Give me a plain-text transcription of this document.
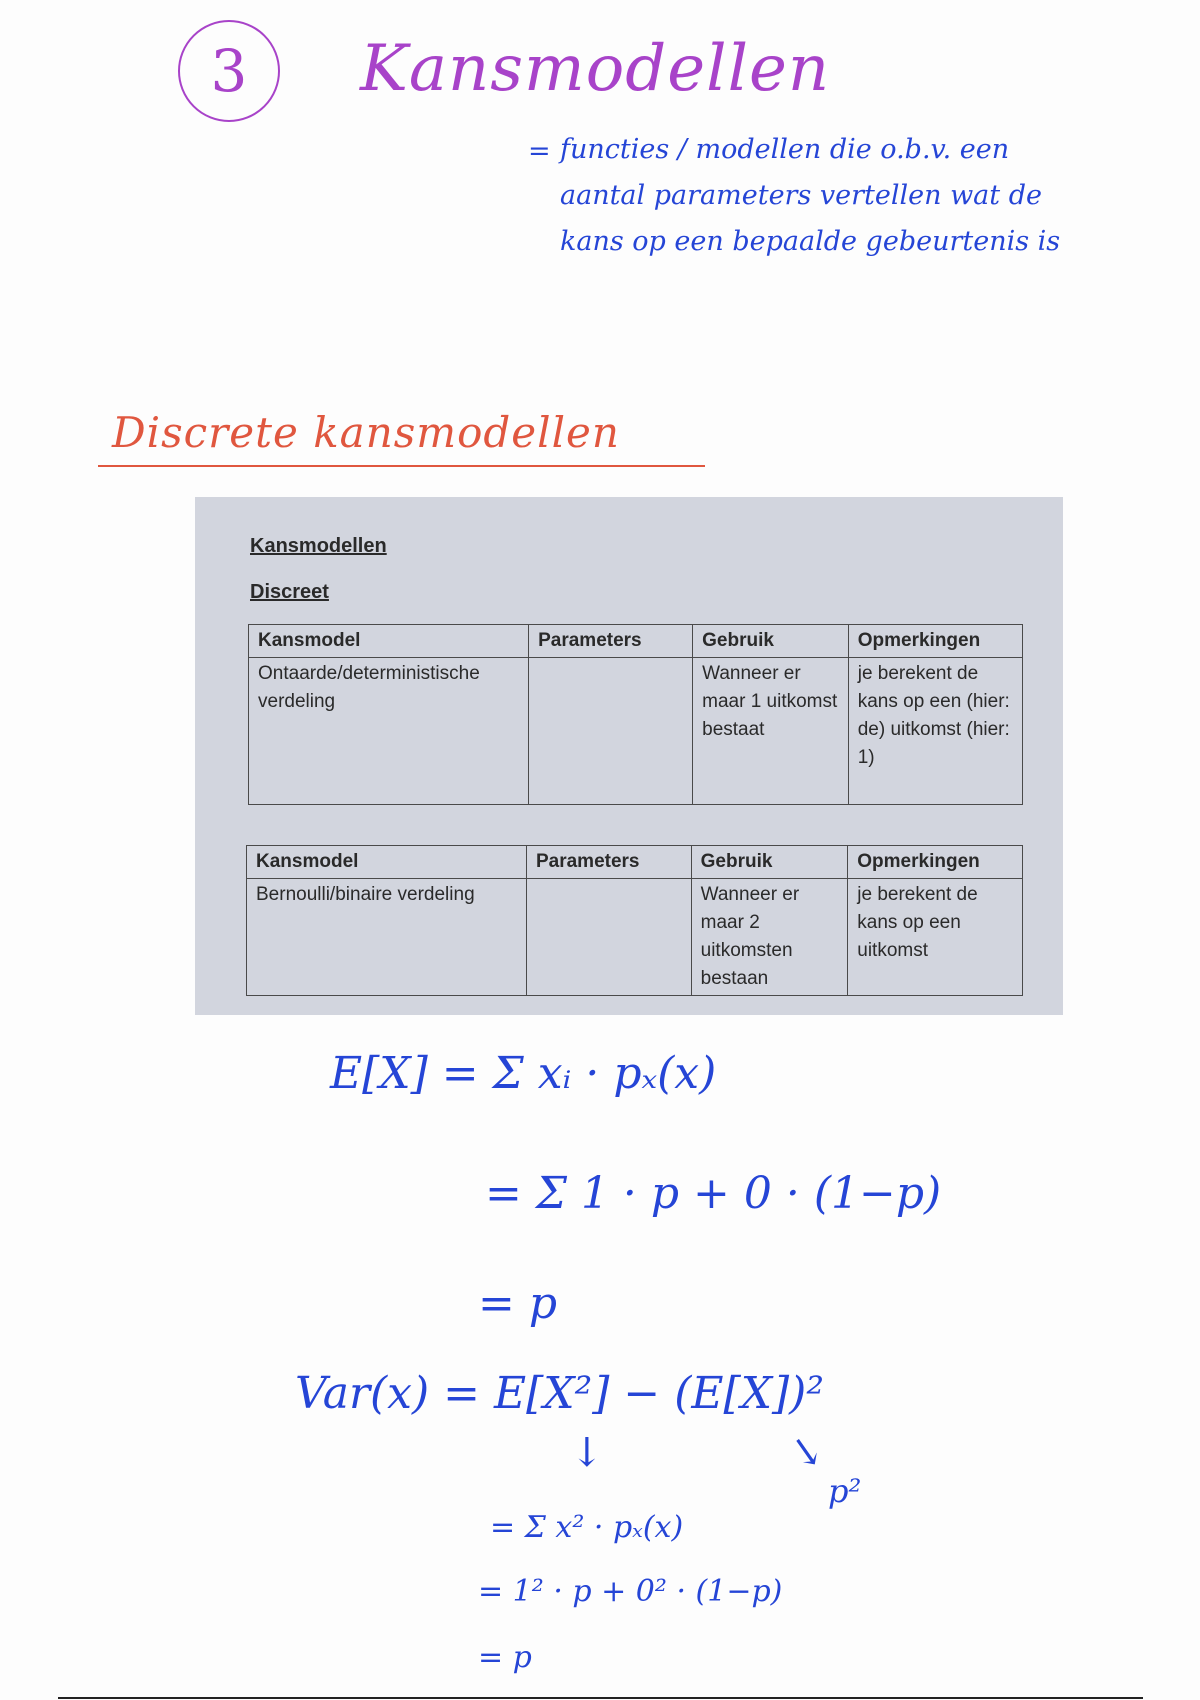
3	Kansmodellen
= functies / modellen die o.b.v. een
aantal parameters vertellen wat de
kans op een bepaalde gebeurtenis is
Discrete kansmodellen
Kansmodellen
Discreet
Kansmodel	Parameters	Gebruik	Opmerkingen
Ontaarde/deterministische verdeling		Wanneer er maar 1 uitkomst bestaat	je berekent de kans op een (hier: de) uitkomst (hier: 1)
Kansmodel	Parameters	Gebruik	Opmerkingen
Bernoulli/binaire verdeling		Wanneer er maar 2 uitkomsten bestaan	je berekent de kans op een uitkomst
E[X] = Σ xᵢ · pₓ(x)
= Σ 1 · p + 0 · (1−p)
= p
Var(x) = E[X²] − (E[X])²
↓	↓
p²
= Σ x² · pₓ(x)
= 1² · p + 0² · (1−p)
= p
